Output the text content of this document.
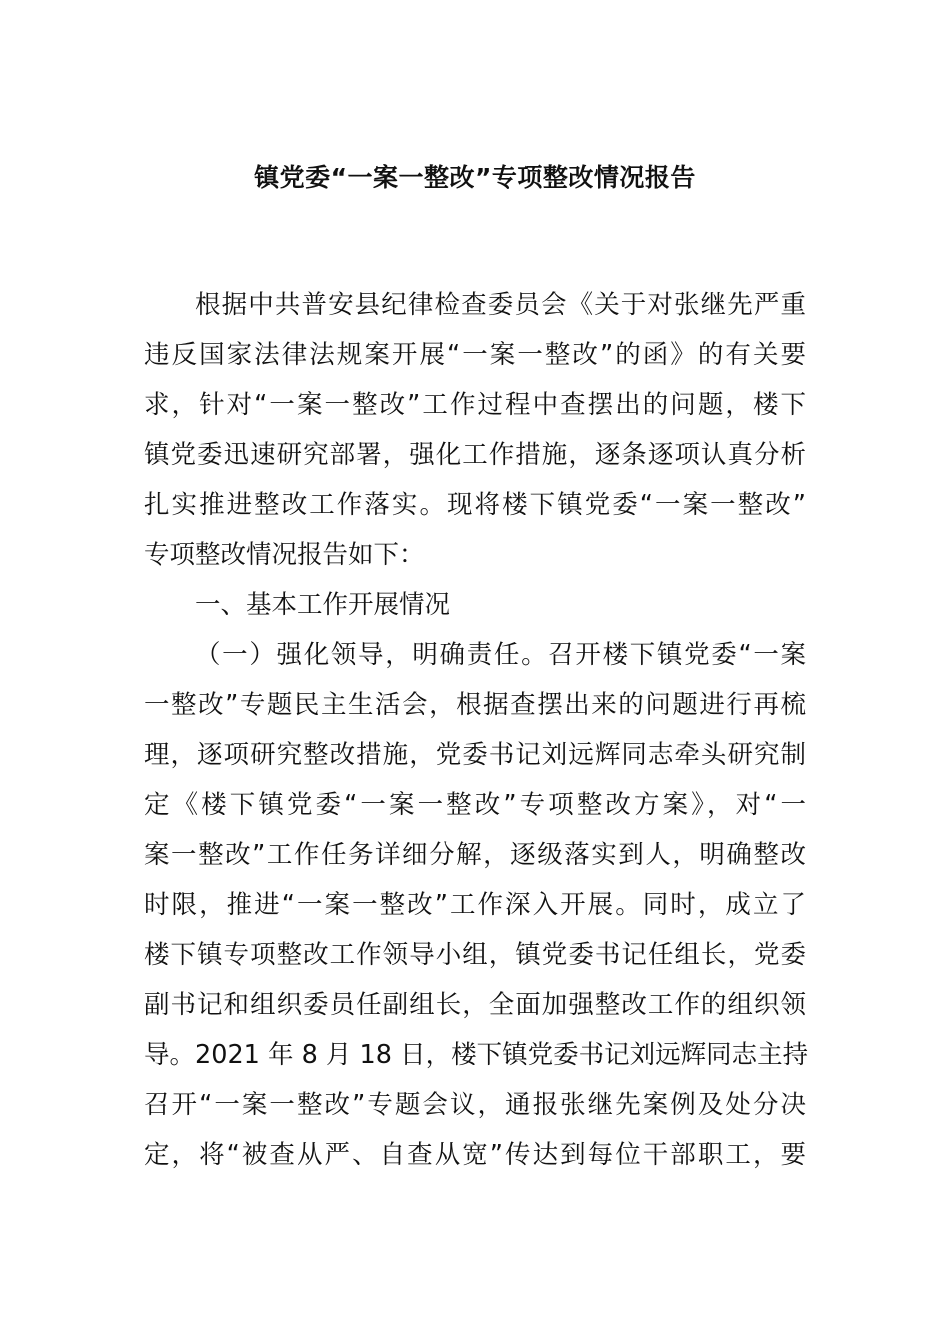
镇党委“一案一整改”专项整改情况报告
根据中共普安县纪律检查委员会《关于对张继先严重
违反国家法律法规案开展“一案一整改”的函》的有关要
求，针对“一案一整改”工作过程中查摆出的问题，楼下
镇党委迅速研究部署，强化工作措施，逐条逐项认真分析
扎实推进整改工作落实。现将楼下镇党委“一案一整改”
专项整改情况报告如下：
一、基本工作开展情况
（一）强化领导，明确责任。召开楼下镇党委“一案
一整改”专题民主生活会，根据查摆出来的问题进行再梳
理，逐项研究整改措施，党委书记刘远辉同志牵头研究制
定《楼下镇党委“一案一整改”专项整改方案》，对“一
案一整改”工作任务详细分解，逐级落实到人，明确整改
时限，推进“一案一整改”工作深入开展。同时，成立了
楼下镇专项整改工作领导小组，镇党委书记任组长，党委
副书记和组织委员任副组长，全面加强整改工作的组织领
导。2021 年 8 月 18 日，楼下镇党委书记刘远辉同志主持
召开“一案一整改”专题会议，通报张继先案例及处分决
定，将“被查从严、自查从宽”传达到每位干部职工，要
